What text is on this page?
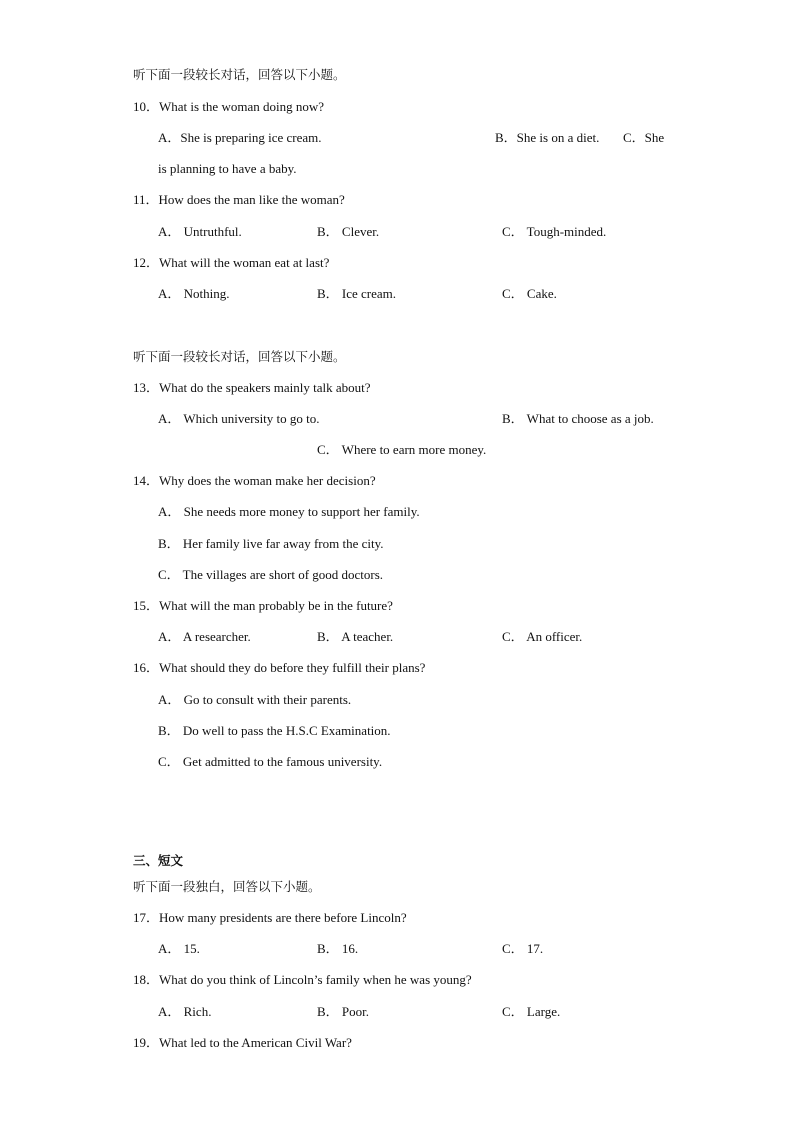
听下面一段较长对话，回答以下小题。
10．What is the woman doing now?
A．She is preparing ice cream.	B．She is on a diet. C．She
is planning to have a baby.
11．How does the man like the woman?
A． Untruthful.	B． Clever.	C． Tough-minded.
12．What will the woman eat at last?
A． Nothing.	B． Ice cream.	C． Cake.
听下面一段较长对话，回答以下小题。
13．What do the speakers mainly talk about?
A． Which university to go to.	B． What to choose as a job.
C． Where to earn more money.
14．Why does the woman make her decision?
A． She needs more money to support her family.
B． Her family live far away from the city.
C． The villages are short of good doctors.
15．What will the man probably be in the future?
A． A researcher.	B． A teacher.	C． An officer.
16．What should they do before they fulfill their plans?
A． Go to consult with their parents.
B． Do well to pass the H.S.C Examination.
C． Get admitted to the famous university.
三、短文
听下面一段独白，回答以下小题。
17．How many presidents are there before Lincoln?
A． 15.	B． 16.	C． 17.
18．What do you think of Lincoln’s family when he was young?
A． Rich.	B． Poor.	C． Large.
19．What led to the American Civil War?
